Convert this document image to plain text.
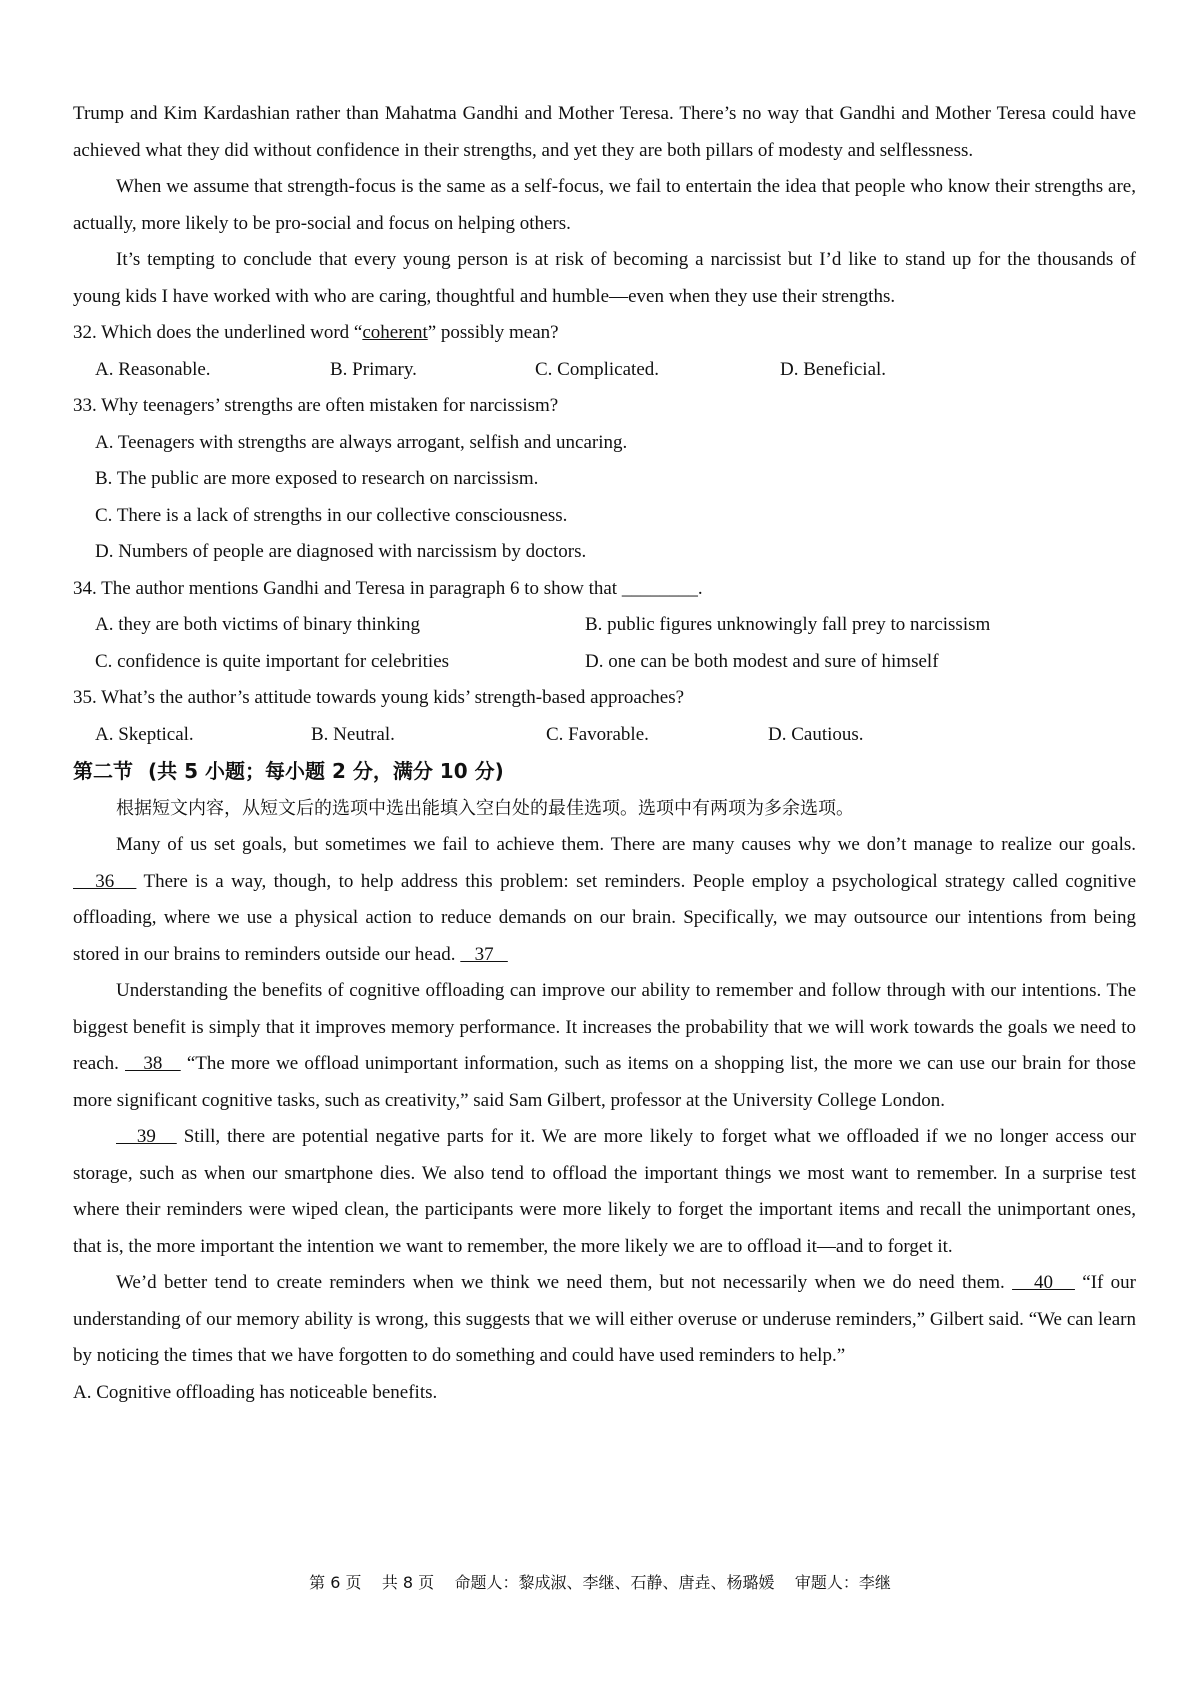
Trump and Kim Kardashian rather than Mahatma Gandhi and Mother Teresa. There’s no way that Gandhi and Mother Teresa could have achieved what they did without confidence in their strengths, and yet they are both pillars of modesty and selflessness.

When we assume that strength-focus is the same as a self-focus, we fail to entertain the idea that people who know their strengths are, actually, more likely to be pro-social and focus on helping others.

It’s tempting to conclude that every young person is at risk of becoming a narcissist but I’d like to stand up for the thousands of young kids I have worked with who are caring, thoughtful and humble—even when they use their strengths.

32. Which does the underlined word “coherent” possibly mean?

A. Reasonable.	B. Primary.	C. Complicated.	D. Beneficial.

33. Why teenagers’ strengths are often mistaken for narcissism?

A. Teenagers with strengths are always arrogant, selfish and uncaring.
B. The public are more exposed to research on narcissism.
C. There is a lack of strengths in our collective consciousness.
D. Numbers of people are diagnosed with narcissism by doctors.

34. The author mentions Gandhi and Teresa in paragraph 6 to show that ________.

A. they are both victims of binary thinking	B. public figures unknowingly fall prey to narcissism
C. confidence is quite important for celebrities	D. one can be both modest and sure of himself

35. What’s the author’s attitude towards young kids’ strength-based approaches?

A. Skeptical.	B. Neutral.	C. Favorable.	D. Cautious.
第二节 (共 5 小题；每小题 2 分，满分 10 分)

根据短文内容，从短文后的选项中选出能填入空白处的最佳选项。选项中有两项为多余选项。

Many of us set goals, but sometimes we fail to achieve them. There are many causes why we don’t manage to realize our goals.    36    There is a way, though, to help address this problem: set reminders. People employ a psychological strategy called cognitive offloading, where we use a physical action to reduce demands on our brain. Specifically, we may outsource our intentions from being stored in our brains to reminders outside our head.    37

Understanding the benefits of cognitive offloading can improve our ability to remember and follow through with our intentions. The biggest benefit is simply that it improves memory performance. It increases the probability that we will work towards the goals we need to reach.    38    “The more we offload unimportant information, such as items on a shopping list, the more we can use our brain for those more significant cognitive tasks, such as creativity,” said Sam Gilbert, professor at the University College London.

39    Still, there are potential negative parts for it. We are more likely to forget what we offloaded if we no longer access our storage, such as when our smartphone dies. We also tend to offload the important things we most want to remember. In a surprise test where their reminders were wiped clean, the participants were more likely to forget the important items and recall the unimportant ones, that is, the more important the intention we want to remember, the more likely we are to offload it—and to forget it.

We’d better tend to create reminders when we think we need them, but not necessarily when we do need them.    40    “If our understanding of our memory ability is wrong, this suggests that we will either overuse or underuse reminders,” Gilbert said. “We can learn by noticing the times that we have forgotten to do something and could have used reminders to help.”

A. Cognitive offloading has noticeable benefits.

第 6 页    共 8 页    命题人：黎成淑、李继、石静、唐垚、杨璐媛    审题人：李继
